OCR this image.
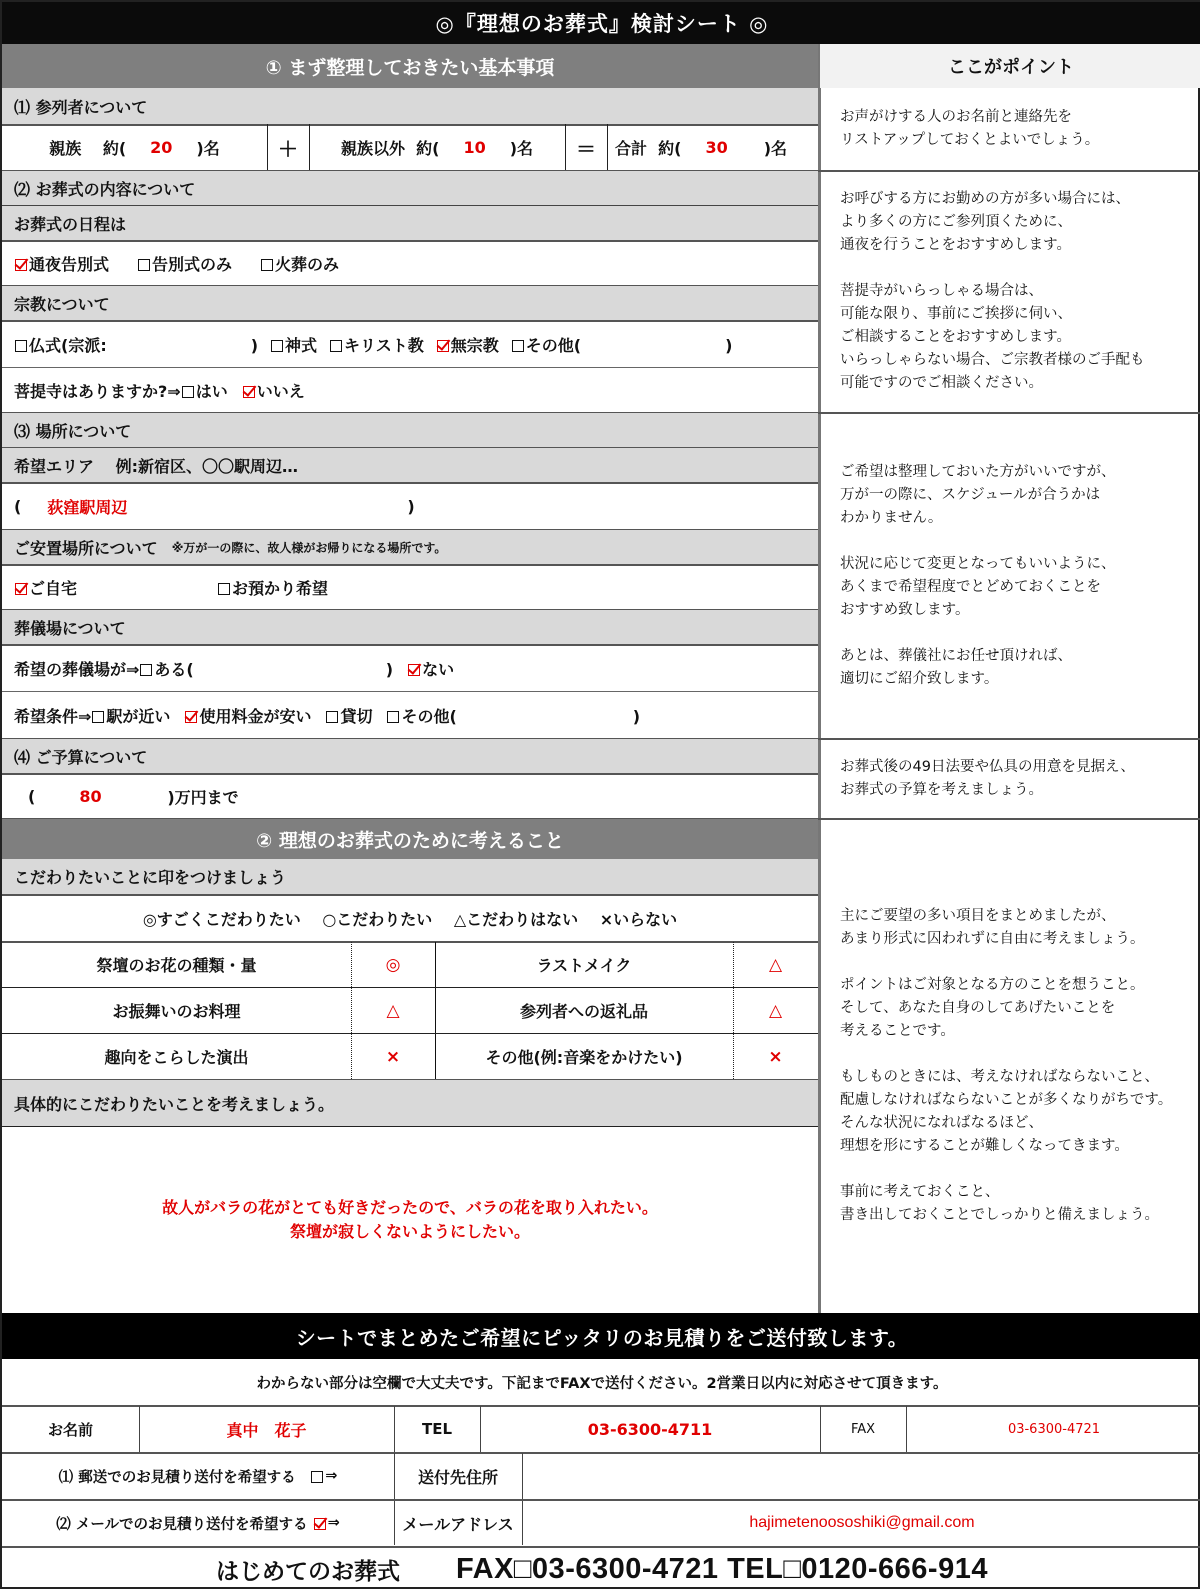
◎『理想のお葬式』検討シート ◎
① まず整理しておきたい基本事項	ここがポイント
⑴ 参列者について
親族　 約( 20 )名	＋	親族以外  約( 10 )名	＝	合計  約( 30 )名
お声がけする人のお名前と連絡先を
リストアップしておくとよいでしょう。
⑵ お葬式の内容について
お葬式の日程は
通夜告別式	告別式のみ	火葬のみ
宗教について
仏式(宗派:　　　　　　　　　)	神式	キリスト教	無宗教	その他(　　　　　　　　　)
菩提寺はありますか?⇒ はい	いいえ
お呼びする方にお勤めの方が多い場合には、
より多くの方にご参列頂くために、
通夜を行うことをおすすめします。

菩提寺がいらっしゃる場合は、
可能な限り、事前にご挨拶に伺い、
ご相談することをおすすめします。
いらっしゃらない場合、ご宗教者様のご手配も
可能ですのでご相談ください。
⑶ 場所について
希望エリア　 例:新宿区、〇〇駅周辺…
( 荻窪駅周辺	)
ご安置場所について ※万が一の際に、故人様がお帰りになる場所です。
ご自宅	お預かり希望
葬儀場について
希望の葬儀場が⇒ ある(　　　　　　　　　　　　)	ない
希望条件⇒ 駅が近い	使用料金が安い	貸切	その他(　　　　　　　　　　　)
ご希望は整理しておいた方がいいですが、
万が一の際に、スケジュールが合うかは
わかりません。

状況に応じて変更となってもいいように、
あくまで希望程度でとどめておくことを
おすすめ致します。

あとは、葬儀社にお任せ頂ければ、
適切にご紹介致します。
⑷ ご予算について
(	80	)万円まで
お葬式後の49日法要や仏具の用意を見据え、
お葬式の予算を考えましょう。
② 理想のお葬式のために考えること
こだわりたいことに印をつけましょう
◎すごくこだわりたい　 ○こだわりたい　 △こだわりはない　 ×いらない
祭壇のお花の種類・量	◎	ラストメイク	△
お振舞いのお料理	△	参列者への返礼品	△
趣向をこらした演出	×	その他(例:音楽をかけたい)	×
具体的にこだわりたいことを考えましょう。
故人がバラの花がとても好きだったので、バラの花を取り入れたい。
祭壇が寂しくないようにしたい。
主にご要望の多い項目をまとめましたが、
あまり形式に囚われずに自由に考えましょう。

ポイントはご対象となる方のことを想うこと。
そして、あなた自身のしてあげたいことを
考えることです。

もしものときには、考えなければならないこと、
配慮しなければならないことが多くなりがちです。
そんな状況になればなるほど、
理想を形にすることが難しくなってきます。

事前に考えておくこと、
書き出しておくことでしっかりと備えましょう。
シートでまとめたご希望にピッタリのお見積りをご送付致します。
わからない部分は空欄で大丈夫です。下記までFAXで送付ください。2営業日以内に対応させて頂きます。
お名前	真中　花子	TEL	03-6300-4711	FAX	03-6300-4721
⑴ 郵送でのお見積り送付を希望する　 ⇒	送付先住所
⑵ メールでのお見積り送付を希望する ⇒	メールアドレス	hajimetenoososhiki@gmail.com
はじめてのお葬式 FAX□03-6300-4721 TEL□0120-666-914
